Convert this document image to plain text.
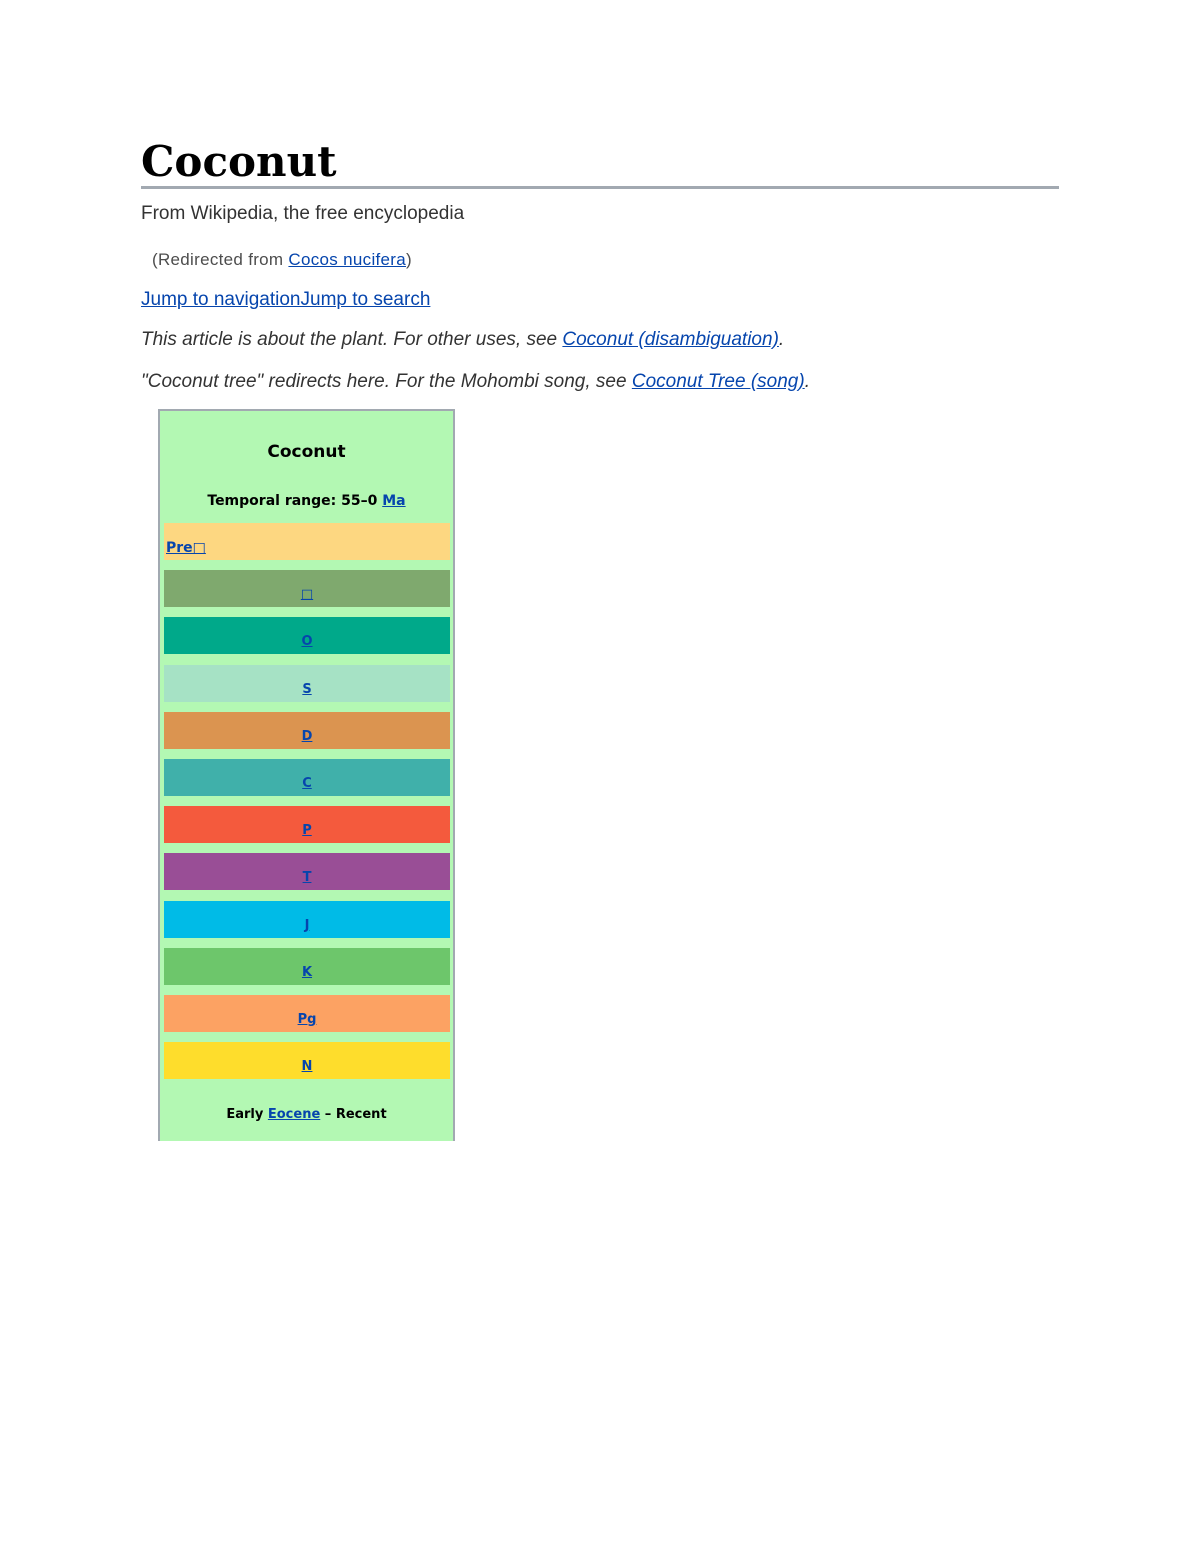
Coconut
From Wikipedia, the free encyclopedia
(Redirected from Cocos nucifera)
Jump to navigationJump to search
This article is about the plant. For other uses, see Coconut (disambiguation).
"Coconut tree" redirects here. For the Mohombi song, see Coconut Tree (song).
Coconut
Temporal range: 55–0 Ma
Pre□
□
O
S
D
C
P
T
J
K
Pg
N
Early Eocene – Recent
